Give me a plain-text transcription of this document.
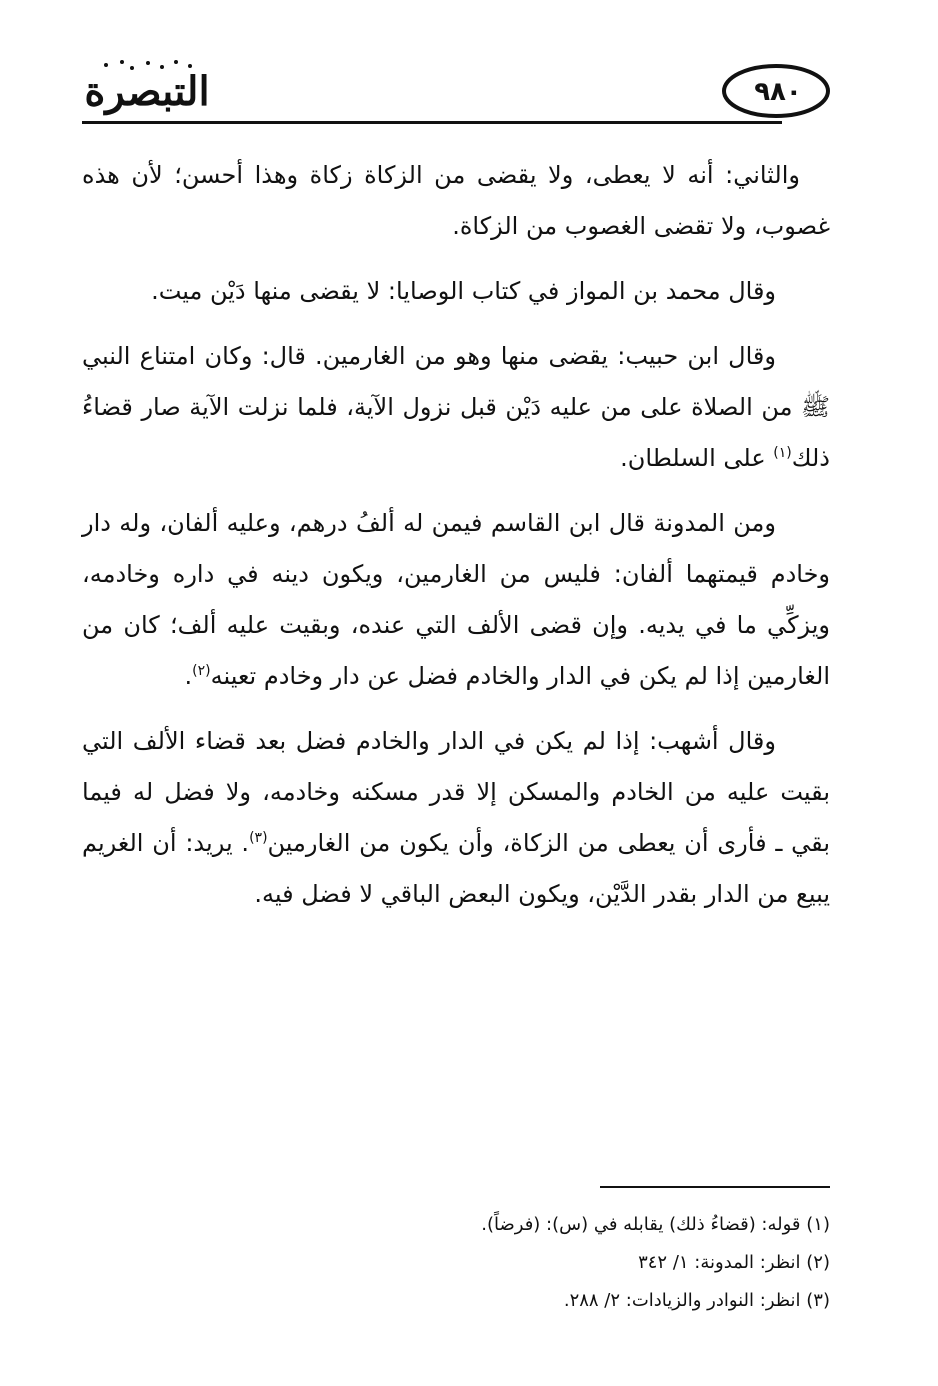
التبصرة	٩٨٠

والثاني: أنه لا يعطى، ولا يقضى من الزكاة زكاة وهذا أحسن؛ لأن هذه غصوب، ولا تقضى الغصوب من الزكاة.

وقال محمد بن المواز في كتاب الوصايا: لا يقضى منها دَيْن ميت.

وقال ابن حبيب: يقضى منها وهو من الغارمين. قال: وكان امتناع النبي ﷺ من الصلاة على من عليه دَيْن قبل نزول الآية، فلما نزلت الآية صار قضاءُ ذلك$^{(١)}$ على السلطان.

ومن المدونة قال ابن القاسم فيمن له ألفُ درهم، وعليه ألفان، وله دار وخادم قيمتهما ألفان: فليس من الغارمين، ويكون دينه في داره وخادمه، ويزكِّي ما في يديه. وإن قضى الألف التي عنده، وبقيت عليه ألف؛ كان من الغارمين إذا لم يكن في الدار والخادم فضل عن دار وخادم تعينه$^{(٢)}$.

وقال أشهب: إذا لم يكن في الدار والخادم فضل بعد قضاء الألف التي بقيت عليه من الخادم والمسكن إلا قدر مسكنه وخادمه، ولا فضل له فيما بقي ـ فأرى أن يعطى من الزكاة، وأن يكون من الغارمين$^{(٣)}$. يريد: أن الغريم يبيع من الدار بقدر الدَّيْن، ويكون البعض الباقي لا فضل فيه.

(١) قوله: (قضاءُ ذلك) يقابله في (س): (فرضاً).

(٢) انظر: المدونة: ١/ ٣٤٢

(٣) انظر: النوادر والزيادات: ٢/ ٢٨٨.
